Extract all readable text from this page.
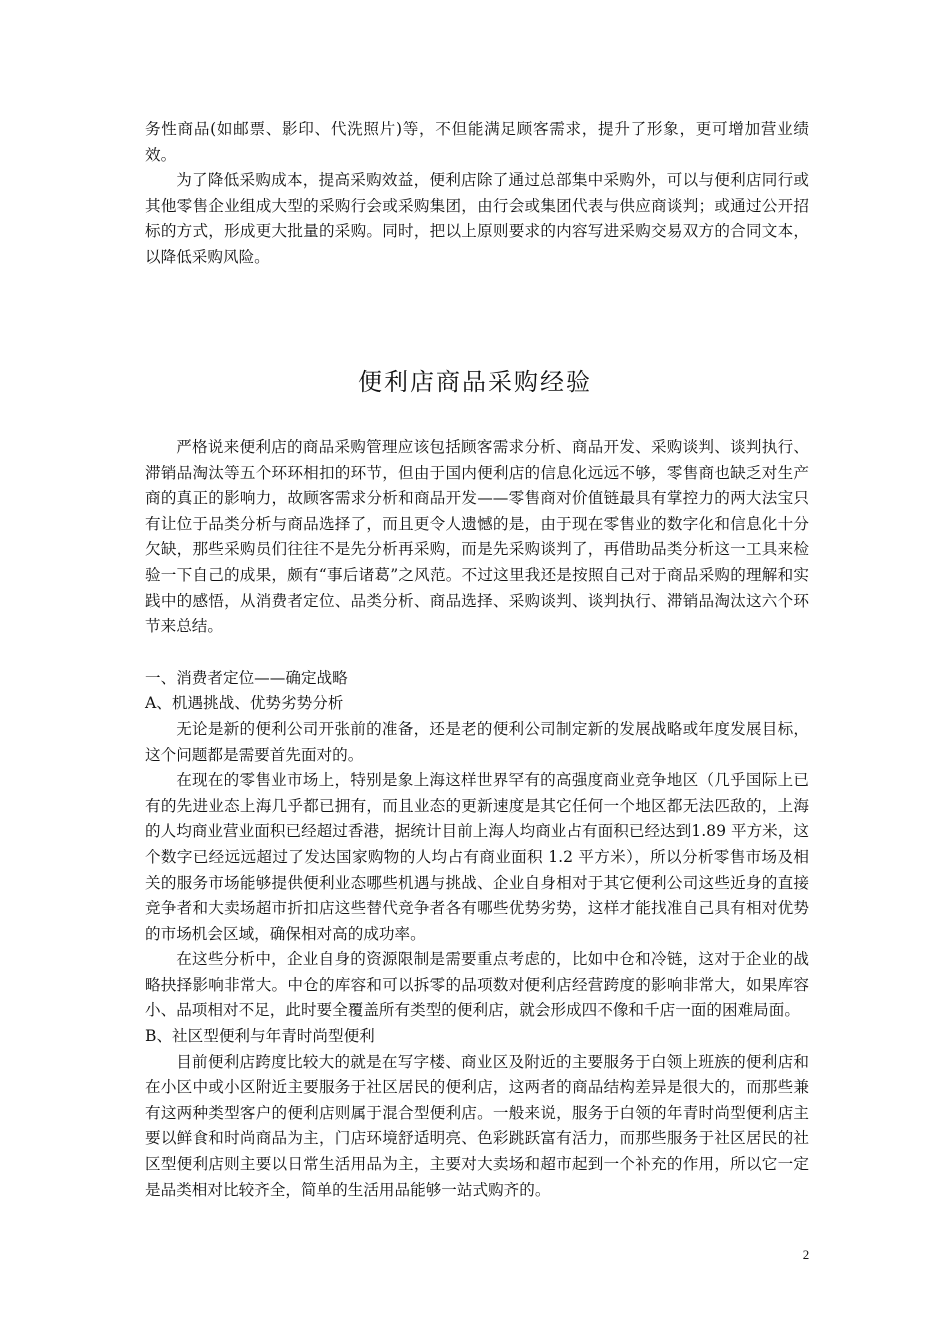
务性商品(如邮票、影印、代洗照片)等，不但能满足顾客需求，提升了形象，更可增加营业绩效。

为了降低采购成本，提高采购效益，便利店除了通过总部集中采购外，可以与便利店同行或其他零售企业组成大型的采购行会或采购集团，由行会或集团代表与供应商谈判；或通过公开招标的方式，形成更大批量的采购。同时，把以上原则要求的内容写进采购交易双方的合同文本，以降低采购风险。

便利店商品采购经验

严格说来便利店的商品采购管理应该包括顾客需求分析、商品开发、采购谈判、谈判执行、滞销品淘汰等五个环环相扣的环节，但由于国内便利店的信息化远远不够，零售商也缺乏对生产商的真正的影响力，故顾客需求分析和商品开发——零售商对价值链最具有掌控力的两大法宝只有让位于品类分析与商品选择了，而且更令人遗憾的是，由于现在零售业的数字化和信息化十分欠缺，那些采购员们往往不是先分析再采购，而是先采购谈判了，再借助品类分析这一工具来检验一下自己的成果，颇有“事后诸葛”之风范。不过这里我还是按照自己对于商品采购的理解和实践中的感悟，从消费者定位、品类分析、商品选择、采购谈判、谈判执行、滞销品淘汰这六个环节来总结。

一、消费者定位——确定战略

A、机遇挑战、优势劣势分析

无论是新的便利公司开张前的准备，还是老的便利公司制定新的发展战略或年度发展目标，这个问题都是需要首先面对的。

在现在的零售业市场上，特别是象上海这样世界罕有的高强度商业竞争地区（几乎国际上已有的先进业态上海几乎都已拥有，而且业态的更新速度是其它任何一个地区都无法匹敌的，上海的人均商业营业面积已经超过香港，据统计目前上海人均商业占有面积已经达到1.89 平方米，这个数字已经远远超过了发达国家购物的人均占有商业面积 1.2 平方米），所以分析零售市场及相关的服务市场能够提供便利业态哪些机遇与挑战、企业自身相对于其它便利公司这些近身的直接竞争者和大卖场超市折扣店这些替代竞争者各有哪些优势劣势，这样才能找准自己具有相对优势的市场机会区域，确保相对高的成功率。

在这些分析中，企业自身的资源限制是需要重点考虑的，比如中仓和冷链，这对于企业的战略抉择影响非常大。中仓的库容和可以拆零的品项数对便利店经营跨度的影响非常大，如果库容小、品项相对不足，此时要全覆盖所有类型的便利店，就会形成四不像和千店一面的困难局面。

B、社区型便利与年青时尚型便利

目前便利店跨度比较大的就是在写字楼、商业区及附近的主要服务于白领上班族的便利店和在小区中或小区附近主要服务于社区居民的便利店，这两者的商品结构差异是很大的，而那些兼有这两种类型客户的便利店则属于混合型便利店。一般来说，服务于白领的年青时尚型便利店主要以鲜食和时尚商品为主，门店环境舒适明亮、色彩跳跃富有活力，而那些服务于社区居民的社区型便利店则主要以日常生活用品为主，主要对大卖场和超市起到一个补充的作用，所以它一定是品类相对比较齐全，简单的生活用品能够一站式购齐的。

2
